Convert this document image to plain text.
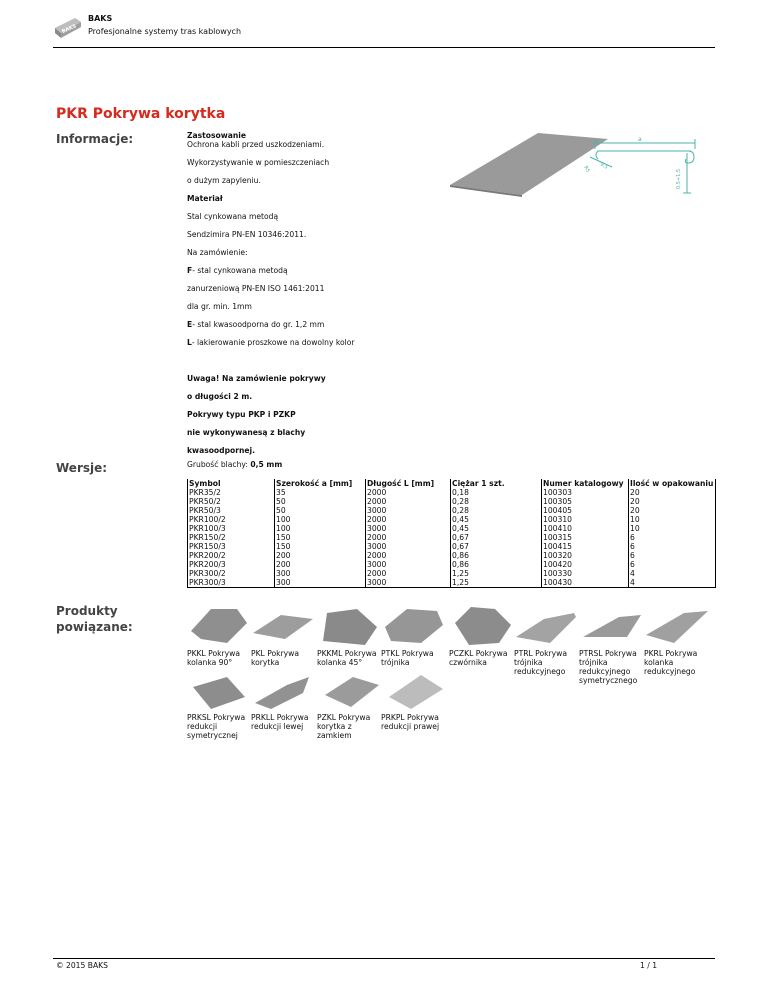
BAKS
BAKS
Profesjonalne systemy tras kablowych
PKR Pokrywa korytka
Informacje:	Zastosowanie

Ochrona kabli przed uszkodzeniami.

Wykorzystywanie w pomieszczeniach

o dużym zapyleniu.

Materiał

Stal cynkowana metodą

Sendzimira PN-EN 10346:2011.

Na zamówienie:

F- stal cynkowana metodą

zanurzeniową PN-EN ISO 1461:2011

dla gr. min. 1mm

E- stal kwasoodporna do gr. 1,2 mm

L- lakierowanie proszkowe na dowolny kolor

Uwaga! Na zamówienie pokrywy

o długości 2 m.

Pokrywy typu PKP i PZKP

nie wykonywanesą z blachy

kwasoodpornej.

a
R5 9,5
0,5+1,5
Wersje:	Grubość blachy: 0,5 mm
Symbol	Szerokość a [mm]	Długość L [mm]	Ciężar 1 szt.	Numer katalogowy	Ilość w opakowaniu
PKR35/2	35	2000	0,18	100303	20
PKR50/2	50	2000	0,28	100305	20
PKR50/3	50	3000	0,28	100405	20
PKR100/2	100	2000	0,45	100310	10
PKR100/3	100	3000	0,45	100410	10
PKR150/2	150	2000	0,67	100315	6
PKR150/3	150	3000	0,67	100415	6
PKR200/2	200	2000	0,86	100320	6
PKR200/3	200	3000	0,86	100420	6
PKR300/2	300	2000	1,25	100330	4
PKR300/3	300	3000	1,25	100430	4
Produkty
powiązane:
PKKL Pokrywa kolanka 90°
PKL Pokrywa korytka
PKKML Pokrywa kolanka 45°
PTKL Pokrywa trójnika
PCZKL Pokrywa czwórnika
PTRL Pokrywa trójnika redukcyjnego
PTRSL Pokrywa trójnika redukcyjnego symetrycznego
PKRL Pokrywa kolanka redukcyjnego
PRKSL Pokrywa redukcji symetrycznej
PRKLL Pokrywa redukcji lewej
PZKL Pokrywa korytka z zamkiem
PRKPL Pokrywa redukcji prawej
© 2015 BAKS	1 / 1
